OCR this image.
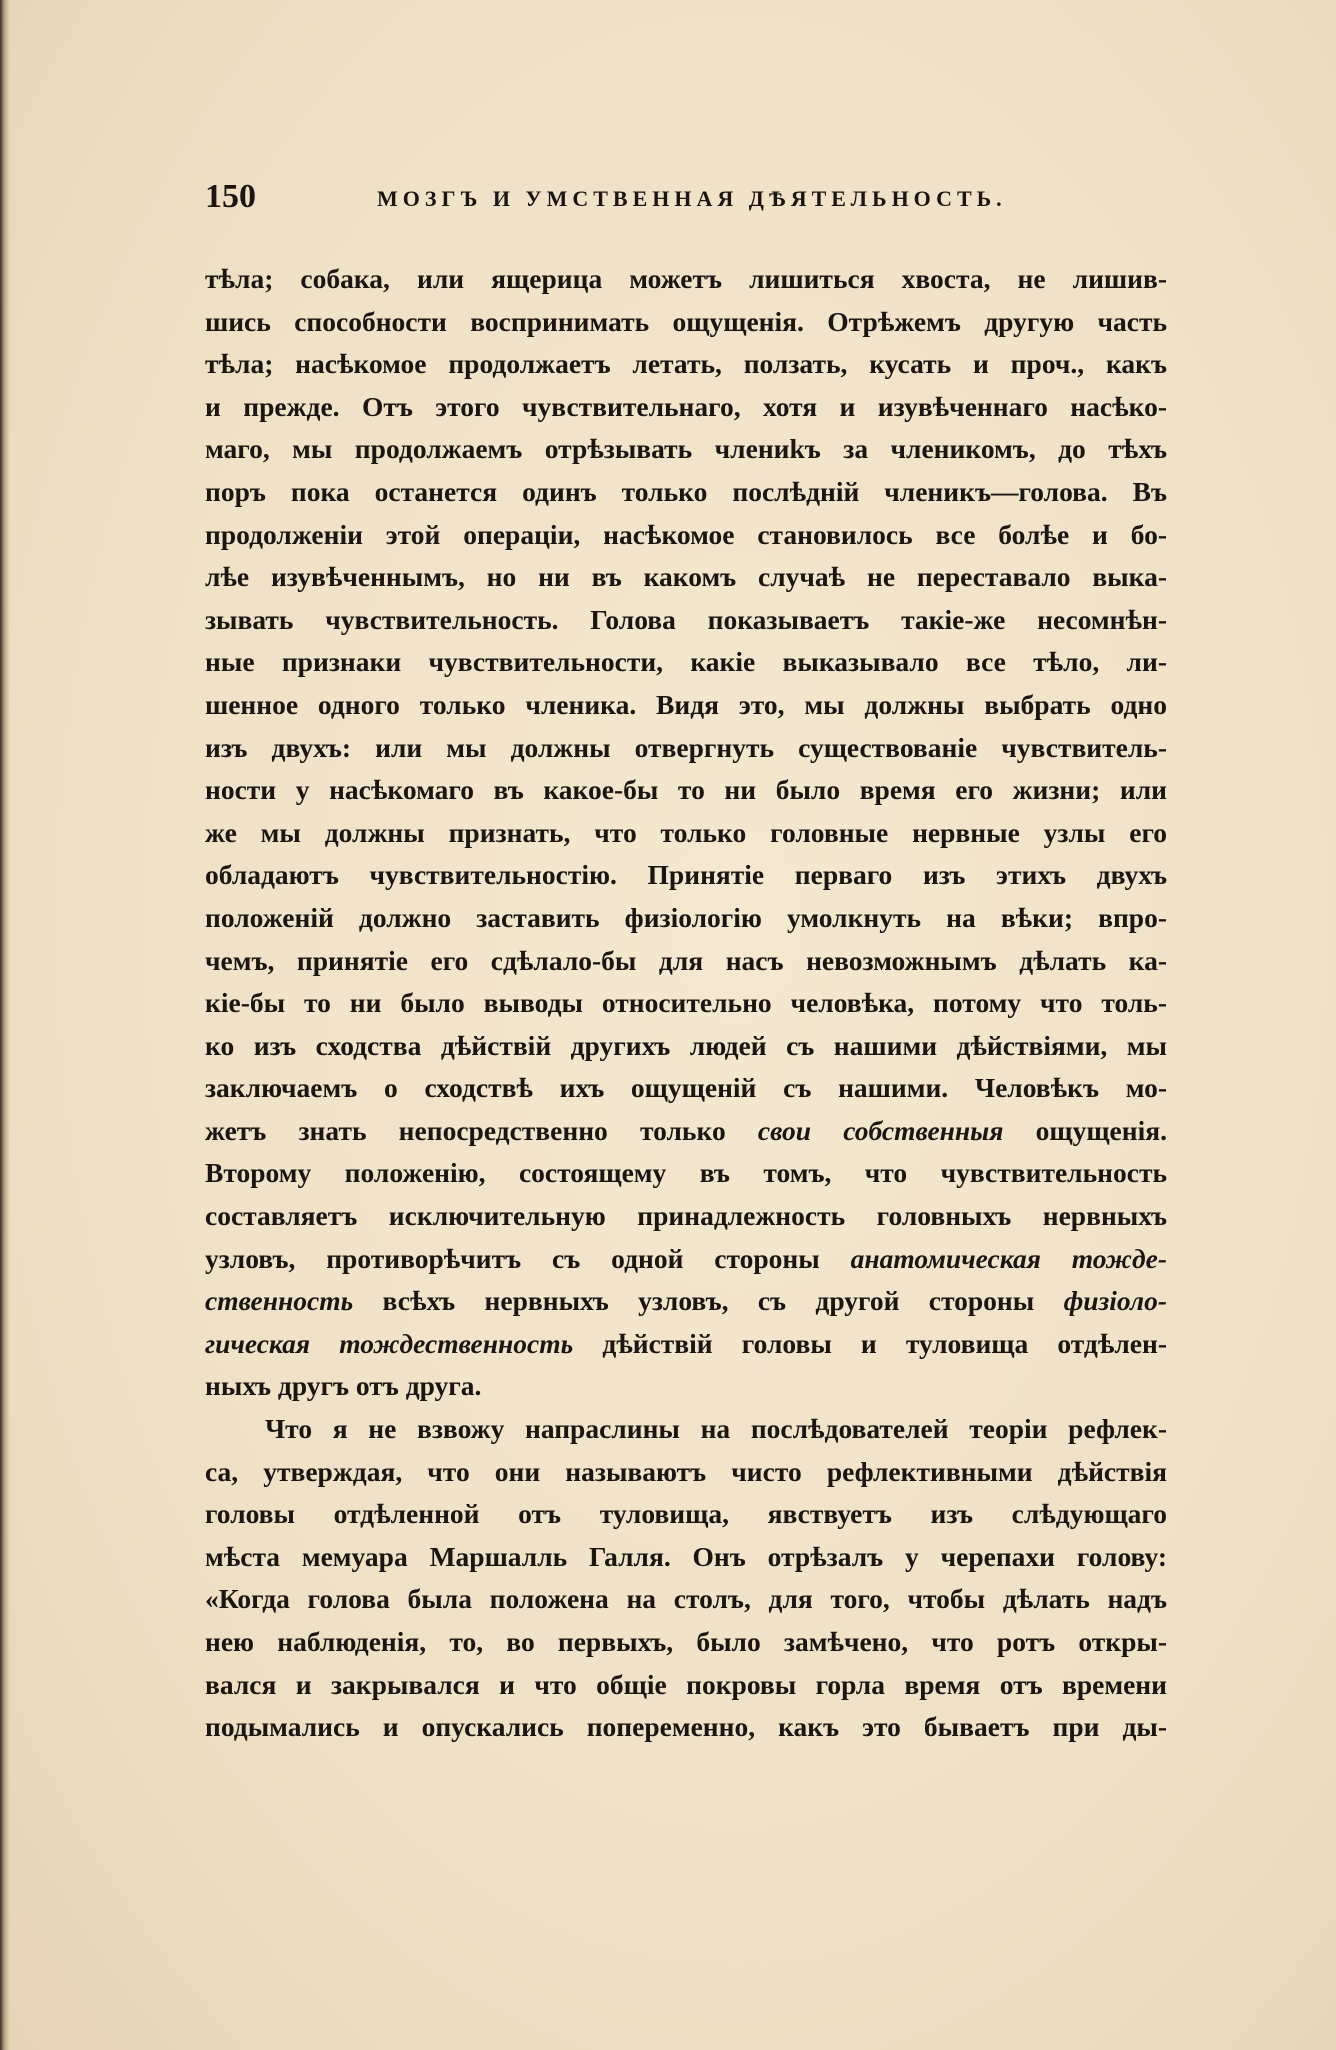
150	МОЗГЪ И УМСТВЕННАЯ ДѢЯТЕЛЬНОСТЬ.
тѣла; собака, или ящерица можетъ лишиться хвоста, не лишив-
шись способности воспринимать ощущенія. Отрѣжемъ другую часть
тѣла; насѣкомое продолжаетъ летать, ползать, кусать и проч., какъ
и прежде. Отъ этого чувствительнаго, хотя и изувѣченнаго насѣко-
маго, мы продолжаемъ отрѣзывать члениkъ за членикомъ, до тѣхъ
поръ пока останется одинъ только послѣдній членикъ—голова. Въ
продолженіи этой операціи, насѣкомое становилось все болѣе и бо-
лѣе изувѣченнымъ, но ни въ какомъ случаѣ не переставало выка-
зывать чувствительность. Голова показываетъ такіе-же несомнѣн-
ные признаки чувствительности, какіе выказывало все тѣло, ли-
шенное одного только членика. Видя это, мы должны выбрать одно
изъ двухъ: или мы должны отвергнуть существованіе чувствитель-
ности у насѣкомаго въ какое-бы то ни было время его жизни; или
же мы должны признать, что только головные нервные узлы его
обладаютъ чувствительностію. Принятіе перваго изъ этихъ двухъ
положеній должно заставить физіологію умолкнуть на вѣки; впро-
чемъ, принятіе его сдѣлало-бы для насъ невозможнымъ дѣлать ка-
кіе-бы то ни было выводы относительно человѣка, потому что толь-
ко изъ сходства дѣйствій другихъ людей съ нашими дѣйствіями, мы
заключаемъ о сходствѣ ихъ ощущеній съ нашими. Человѣкъ мо-
жетъ знать непосредственно только свои собственныя ощущенія.
Второму положенію, состоящему въ томъ, что чувствительность
составляетъ исключительную принадлежность головныхъ нервныхъ
узловъ, противорѣчитъ съ одной стороны анатомическая тожде-
ственность всѣхъ нервныхъ узловъ, съ другой стороны физіоло-
гическая тождественность дѣйствій головы и туловища отдѣлен-
ныхъ другъ отъ друга.
Что я не взвожу напраслины на послѣдователей теоріи рефлек-
са, утверждая, что они называютъ чисто рефлективными дѣйствія
головы отдѣленной отъ туловища, явствуетъ изъ слѣдующаго
мѣста мемуара Маршалль Галля. Онъ отрѣзалъ у черепахи голову:
«Когда голова была положена на столъ, для того, чтобы дѣлать надъ
нею наблюденія, то, во первыхъ, было замѣчено, что ротъ откры-
вался и закрывался и что общіе покровы горла время отъ времени
подымались и опускались попеременно, какъ это бываетъ при ды-
